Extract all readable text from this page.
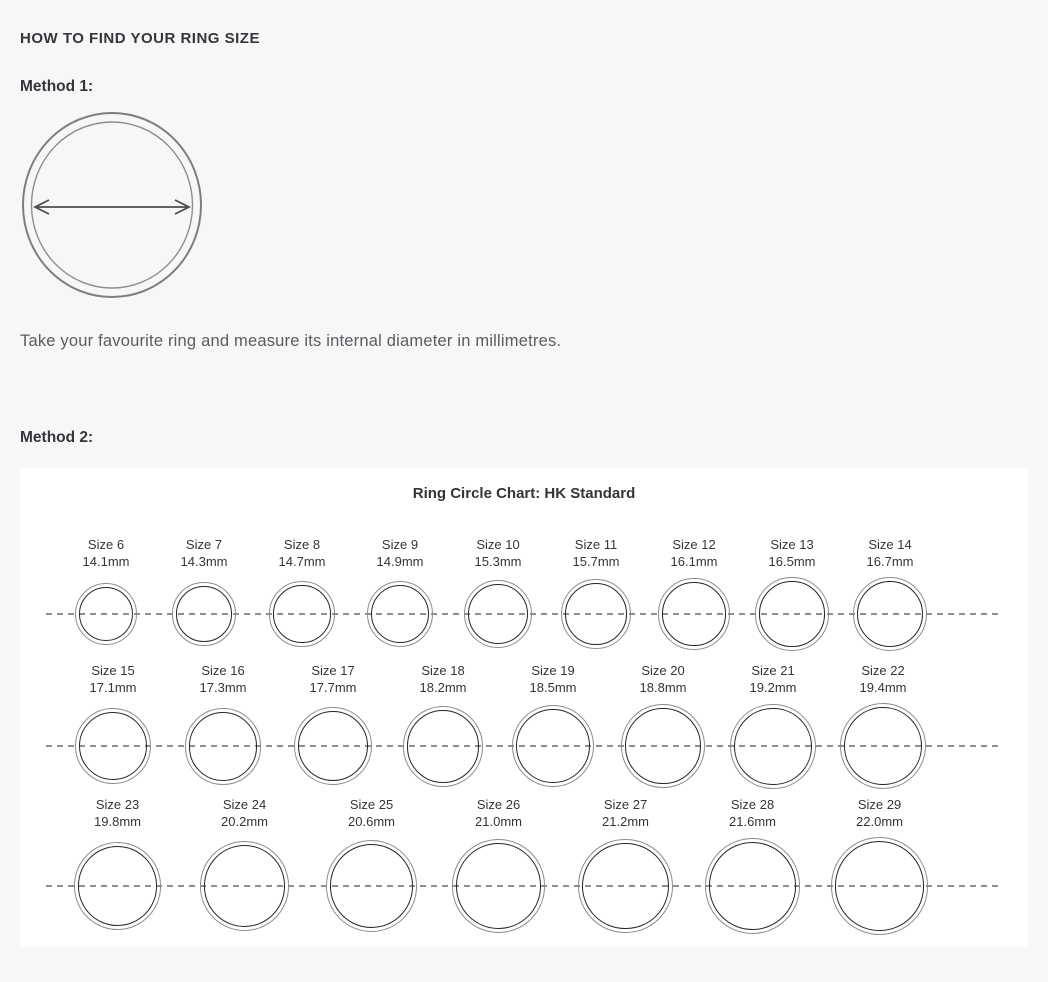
HOW TO FIND YOUR RING SIZE
Method 1:

Take your favourite ring and measure its internal diameter in millimetres.

Method 2:
Ring Circle Chart: HK Standard
Size 6
14.1mm
Size 7
14.3mm
Size 8
14.7mm
Size 9
14.9mm
Size 10
15.3mm
Size 11
15.7mm
Size 12
16.1mm
Size 13
16.5mm
Size 14
16.7mm
Size 15
17.1mm
Size 16
17.3mm
Size 17
17.7mm
Size 18
18.2mm
Size 19
18.5mm
Size 20
18.8mm
Size 21
19.2mm
Size 22
19.4mm
Size 23
19.8mm
Size 24
20.2mm
Size 25
20.6mm
Size 26
21.0mm
Size 27
21.2mm
Size 28
21.6mm
Size 29
22.0mm
